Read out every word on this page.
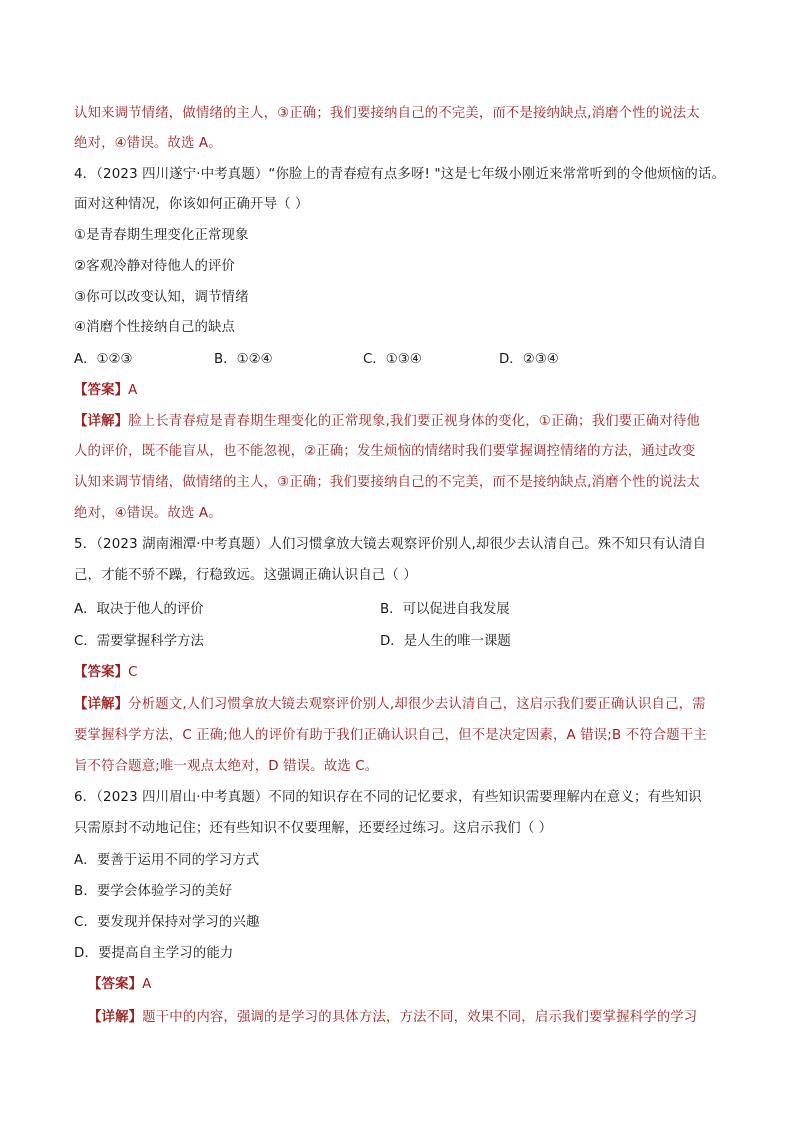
认知来调节情绪，做情绪的主人，③正确；我们要接纳自己的不完美，而不是接纳缺点,消磨个性的说法太
绝对，④错误。故选 A。
4．（2023 四川遂宁·中考真题）“你脸上的青春痘有点多呀! "这是七年级小刚近来常常听到的令他烦恼的话。
面对这种情况，你该如何正确开导（ ）
①是青春期生理变化正常现象
②客观冷静对待他人的评价
③你可以改变认知，调节情绪
④消磨个性接纳自己的缺点
A．①②③	B．①②④	C．①③④	D．②③④
【答案】A
【详解】脸上长青春痘是青春期生理变化的正常现象,我们要正视身体的变化，①正确；我们要正确对待他
人的评价，既不能盲从，也不能忽视，②正确；发生烦恼的情绪时我们要掌握调控情绪的方法，通过改变
认知来调节情绪，做情绪的主人，③正确；我们要接纳自己的不完美，而不是接纳缺点,消磨个性的说法太
绝对，④错误。故选 A。
5．（2023 湖南湘潭·中考真题）人们习惯拿放大镜去观察评价别人,却很少去认清自己。殊不知只有认清自
己，才能不骄不躁，行稳致远。这强调正确认识自己（ ）
A．取决于他人的评价	B．可以促进自我发展
C．需要掌握科学方法	D．是人生的唯一课题
【答案】C
【详解】分析题文,人们习惯拿放大镜去观察评价别人,却很少去认清自己，这启示我们要正确认识自己，需
要掌握科学方法，C 正确;他人的评价有助于我们正确认识自己，但不是决定因素，A 错误;B 不符合题干主
旨不符合题意;唯一观点太绝对，D 错误。故选 C。
6．（2023 四川眉山·中考真题）不同的知识存在不同的记忆要求，有些知识需要理解内在意义；有些知识
只需原封不动地记住；还有些知识不仅要理解，还要经过练习。这启示我们（ ）
A．要善于运用不同的学习方式
B．要学会体验学习的美好
C．要发现并保持对学习的兴趣
D．要提高自主学习的能力
【答案】A
【详解】题干中的内容，强调的是学习的具体方法，方法不同，效果不同，启示我们要掌握科学的学习
